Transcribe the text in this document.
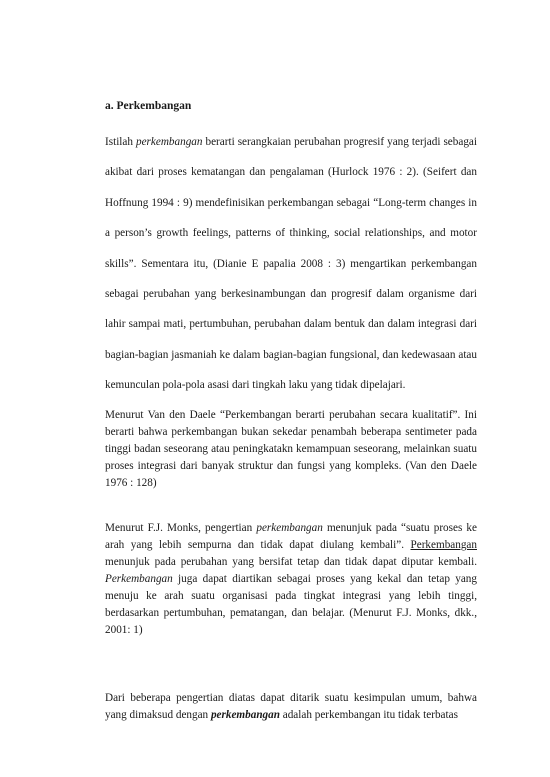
a. Perkembangan

Istilah perkembangan berarti serangkaian perubahan progresif yang terjadi sebagai akibat dari proses kematangan dan pengalaman (Hurlock 1976 : 2). (Seifert dan Hoffnung 1994 : 9) mendefinisikan perkembangan sebagai “Long-term changes in a person’s growth feelings, patterns of thinking, social relationships, and motor skills”. Sementara itu, (Dianie E papalia 2008 : 3) mengartikan perkembangan sebagai perubahan yang berkesinambungan dan progresif dalam organisme dari lahir sampai mati, pertumbuhan, perubahan dalam bentuk dan dalam integrasi dari bagian-bagian jasmaniah ke dalam bagian-bagian fungsional, dan kedewasaan atau kemunculan pola-pola asasi dari tingkah laku yang tidak dipelajari.

Menurut Van den Daele “Perkembangan berarti perubahan secara kualitatif”. Ini berarti bahwa perkembangan bukan sekedar penambah beberapa sentimeter pada tinggi badan seseorang atau peningkatakn kemampuan seseorang, melainkan suatu proses integrasi dari banyak struktur dan fungsi yang kompleks. (Van den Daele 1976 : 128)

Menurut F.J. Monks, pengertian perkembangan menunjuk pada “suatu proses ke arah yang lebih sempurna dan tidak dapat diulang kembali”. Perkembangan menunjuk pada perubahan yang bersifat tetap dan tidak dapat diputar kembali. Perkembangan juga dapat diartikan sebagai proses yang kekal dan tetap yang menuju ke arah suatu organisasi pada tingkat integrasi yang lebih tinggi, berdasarkan pertumbuhan, pematangan, dan belajar. (Menurut F.J. Monks, dkk., 2001: 1)

Dari beberapa pengertian diatas dapat ditarik suatu kesimpulan umum, bahwa yang dimaksud dengan perkembangan adalah perkembangan itu tidak terbatas
